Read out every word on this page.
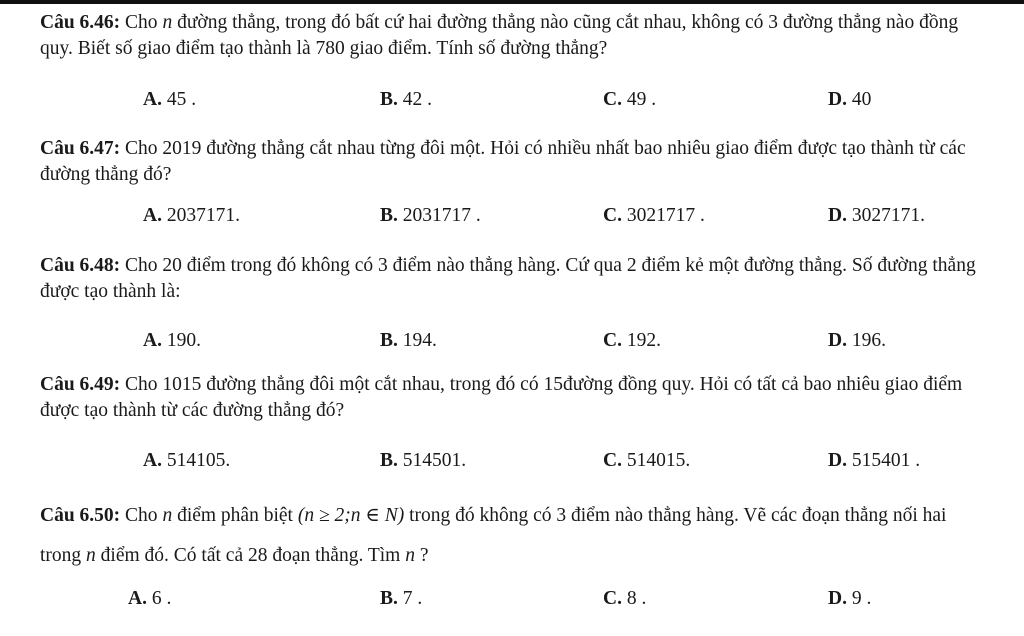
Câu 6.46: Cho n đường thẳng, trong đó bất cứ hai đường thẳng nào cũng cắt nhau, không có 3 đường thẳng nào đồng quy. Biết số giao điểm tạo thành là 780 giao điểm. Tính số đường thẳng?
A. 45 .	B. 42 .	C. 49 .	D. 40
Câu 6.47: Cho 2019 đường thẳng cắt nhau từng đôi một. Hỏi có nhiều nhất bao nhiêu giao điểm được tạo thành từ các đường thẳng đó?
A. 2037171.	B. 2031717 .	C. 3021717 .	D. 3027171.
Câu 6.48: Cho 20 điểm trong đó không có 3 điểm nào thẳng hàng. Cứ qua 2 điểm kẻ một đường thẳng. Số đường thẳng được tạo thành là:
A. 190.	B. 194.	C. 192.	D. 196.
Câu 6.49: Cho 1015 đường thẳng đôi một cắt nhau, trong đó có 15đường đồng quy. Hỏi có tất cả bao nhiêu giao điểm được tạo thành từ các đường thẳng đó?
A. 514105.	B. 514501.	C. 514015.	D. 515401 .
Câu 6.50: Cho n điểm phân biệt (n ≥ 2;n ∈ N) trong đó không có 3 điểm nào thẳng hàng. Vẽ các đoạn thẳng nối hai trong n điểm đó. Có tất cả 28 đoạn thẳng. Tìm n ?
A. 6 .	B. 7 .	C. 8 .	D. 9 .
